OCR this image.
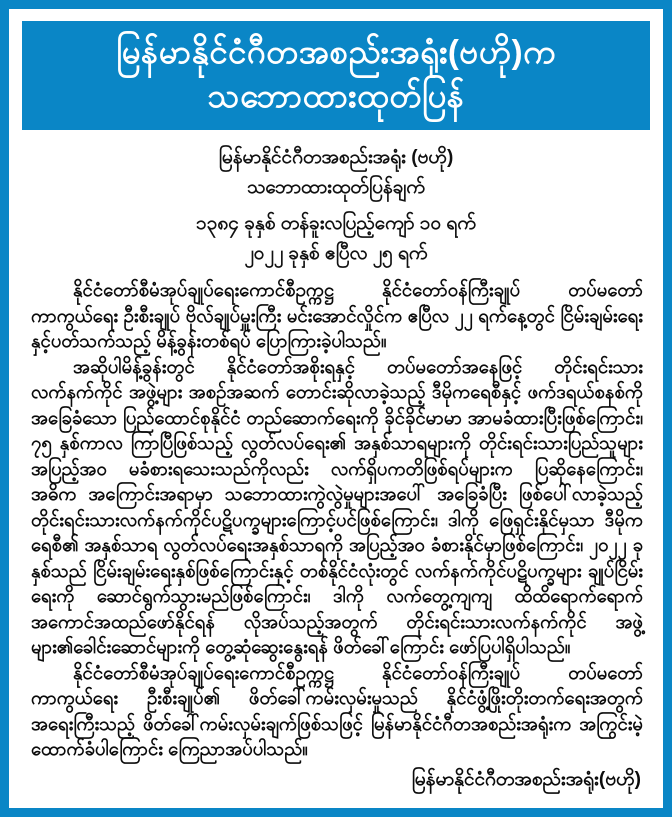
မြန်မာနိုင်ငံဂီတအစည်းအရုံး(ဗဟို)က
သဘောထားထုတ်ပြန်
မြန်မာနိုင်ငံဂီတအစည်းအရုံး (ဗဟို)
သဘောထားထုတ်ပြန်ချက်
၁၃၈၄ ခုနှစ် တန်ခူးလပြည့်ကျော် ၁၀ ရက်
၂၀၂၂ ခုနှစ် ဧပြီလ ၂၅ ရက်

နိုင်ငံတော်စီမံအုပ်ချုပ်ရေးကောင်စီဥက္ကဋ္ဌ နိုင်ငံတော်ဝန်ကြီးချုပ် တပ်မတော်ကာကွယ်ရေး ဦးစီးချုပ် ဗိုလ်ချုပ်မှူးကြီး မင်းအောင်လှိုင်က ဧပြီလ ၂၂ ရက်နေ့တွင် ငြိမ်းချမ်းရေးနှင့်ပတ်သက်သည့် မိန့်ခွန်းတစ်ရပ် ပြောကြားခဲ့ပါသည်။

အဆိုပါမိန့်ခွန်းတွင် နိုင်ငံတော်အစိုးရနှင့် တပ်မတော်အနေဖြင့် တိုင်းရင်းသားလက်နက်ကိုင် အဖွဲ့များ အစဉ်အဆက် တောင်းဆိုလာခဲ့သည့် ဒီမိုကရေစီနှင့် ဖက်ဒရယ်စနစ်ကို အခြေခံသော ပြည်ထောင်စုနိုင်ငံ တည်ဆောက်ရေးကို ခိုင်ခိုင်မာမာ အာမခံထားပြီးဖြစ်ကြောင်း၊ ၇၅ နှစ်ကာလ ကြာပြီဖြစ်သည့် လွတ်လပ်ရေး၏ အနှစ်သာရများကို တိုင်းရင်းသားပြည်သူများ အပြည့်အဝ မခံစားရသေးသည်ကိုလည်း လက်ရှိပကတိဖြစ်ရပ်များက ပြဆိုနေကြောင်း၊ အဓိက အကြောင်းအရာမှာ သဘောထားကွဲလွဲမှုများအပေါ် အခြေခံပြီး ဖြစ်ပေါ်လာခဲ့သည့် တိုင်းရင်းသားလက်နက်ကိုင်ပဋိပက္ခများကြောင့်ပင်ဖြစ်ကြောင်း၊ ဒါကို ဖြေရှင်းနိုင်မှသာ ဒီမိုကရေစီ၏ အနှစ်သာရ လွတ်လပ်ရေးအနှစ်သာရကို အပြည့်အဝ ခံစားနိုင်မှာဖြစ်ကြောင်း၊ ၂၀၂၂ ခုနှစ်သည် ငြိမ်းချမ်းရေးနှစ်ဖြစ်ကြောင်းနှင့် တစ်နိုင်ငံလုံးတွင် လက်နက်ကိုင်ပဋိပက္ခများ ချုပ်ငြိမ်းရေးကို ဆောင်ရွက်သွားမည်ဖြစ်ကြောင်း၊ ဒါကို လက်တွေ့ကျကျ ထိထိရောက်ရောက် အကောင်အထည်ဖော်နိုင်ရန် လိုအပ်သည့်အတွက် တိုင်းရင်းသားလက်နက်ကိုင် အဖွဲ့များ၏ခေါင်းဆောင်များကို တွေ့ဆုံဆွေးနွေးရန် ဖိတ်ခေါ်ကြောင်း ဖော်ပြပါရှိပါသည်။

နိုင်ငံတော်စီမံအုပ်ချုပ်ရေးကောင်စီဥက္ကဋ္ဌ နိုင်ငံတော်ဝန်ကြီးချုပ် တပ်မတော်ကာကွယ်ရေး ဦးစီးချုပ်၏ ဖိတ်ခေါ်ကမ်းလှမ်းမှုသည် နိုင်ငံဖွံ့ဖြိုးတိုးတက်ရေးအတွက် အရေးကြီးသည့် ဖိတ်ခေါ်ကမ်းလှမ်းချက်ဖြစ်သဖြင့် မြန်မာနိုင်ငံဂီတအစည်းအရုံးက အကြွင်းမဲ့ထောက်ခံပါကြောင်း ကြေညာအပ်ပါသည်။

မြန်မာနိုင်ငံဂီတအစည်းအရုံး(ဗဟို)
